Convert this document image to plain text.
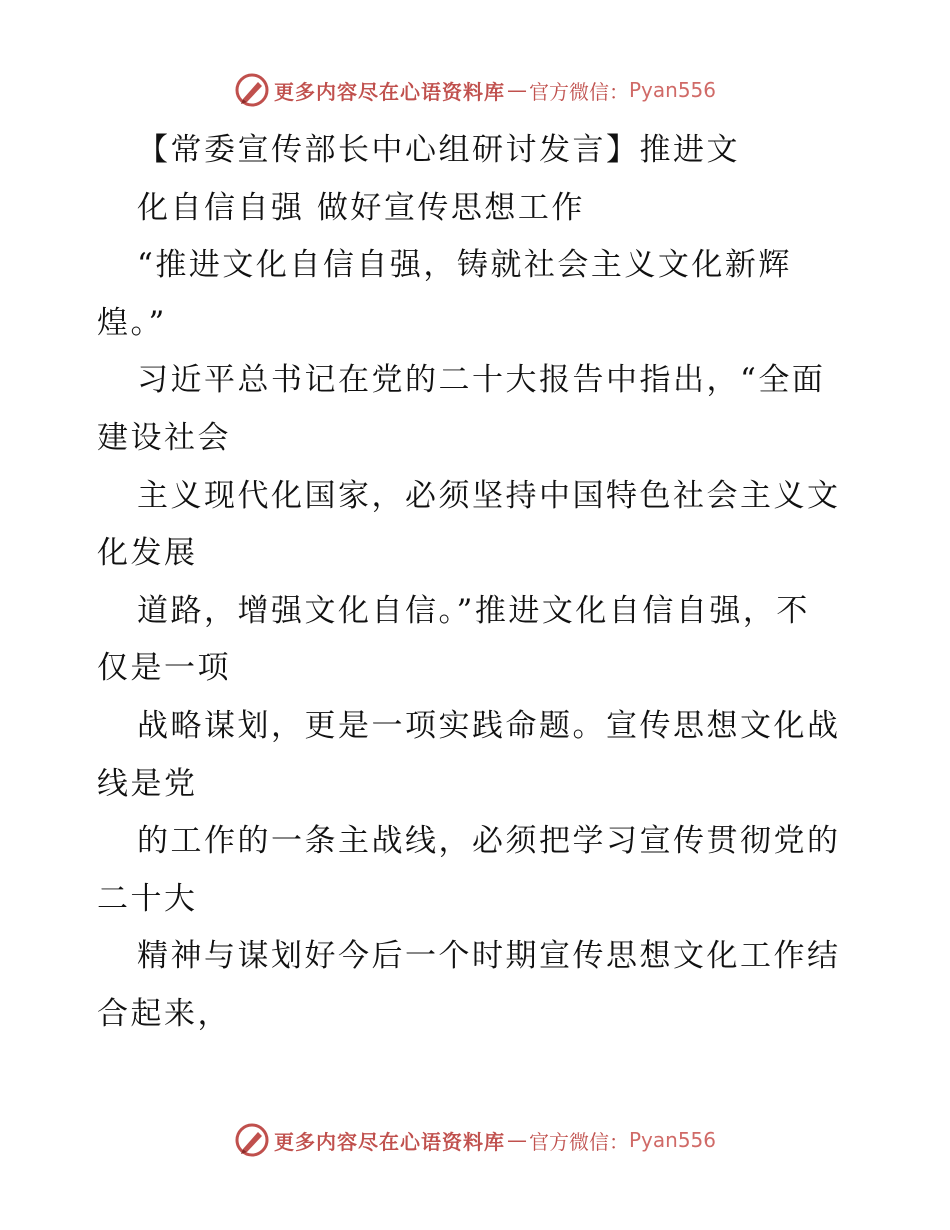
更多内容尽在心语资料库 — 官方微信： Pyan556
【常委宣传部长中心组研讨发言】推进文
化自信自强 做好宣传思想工作
“推进文化自信自强，铸就社会主义文化新辉
煌。”
习近平总书记在党的二十大报告中指出，“全面
建设社会
主义现代化国家，必须坚持中国特色社会主义文
化发展
道路，增强文化自信。”推进文化自信自强，不
仅是一项
战略谋划，更是一项实践命题。宣传思想文化战
线是党
的工作的一条主战线，必须把学习宣传贯彻党的
二十大
精神与谋划好今后一个时期宣传思想文化工作结
合起来，
更多内容尽在心语资料库 — 官方微信： Pyan556
